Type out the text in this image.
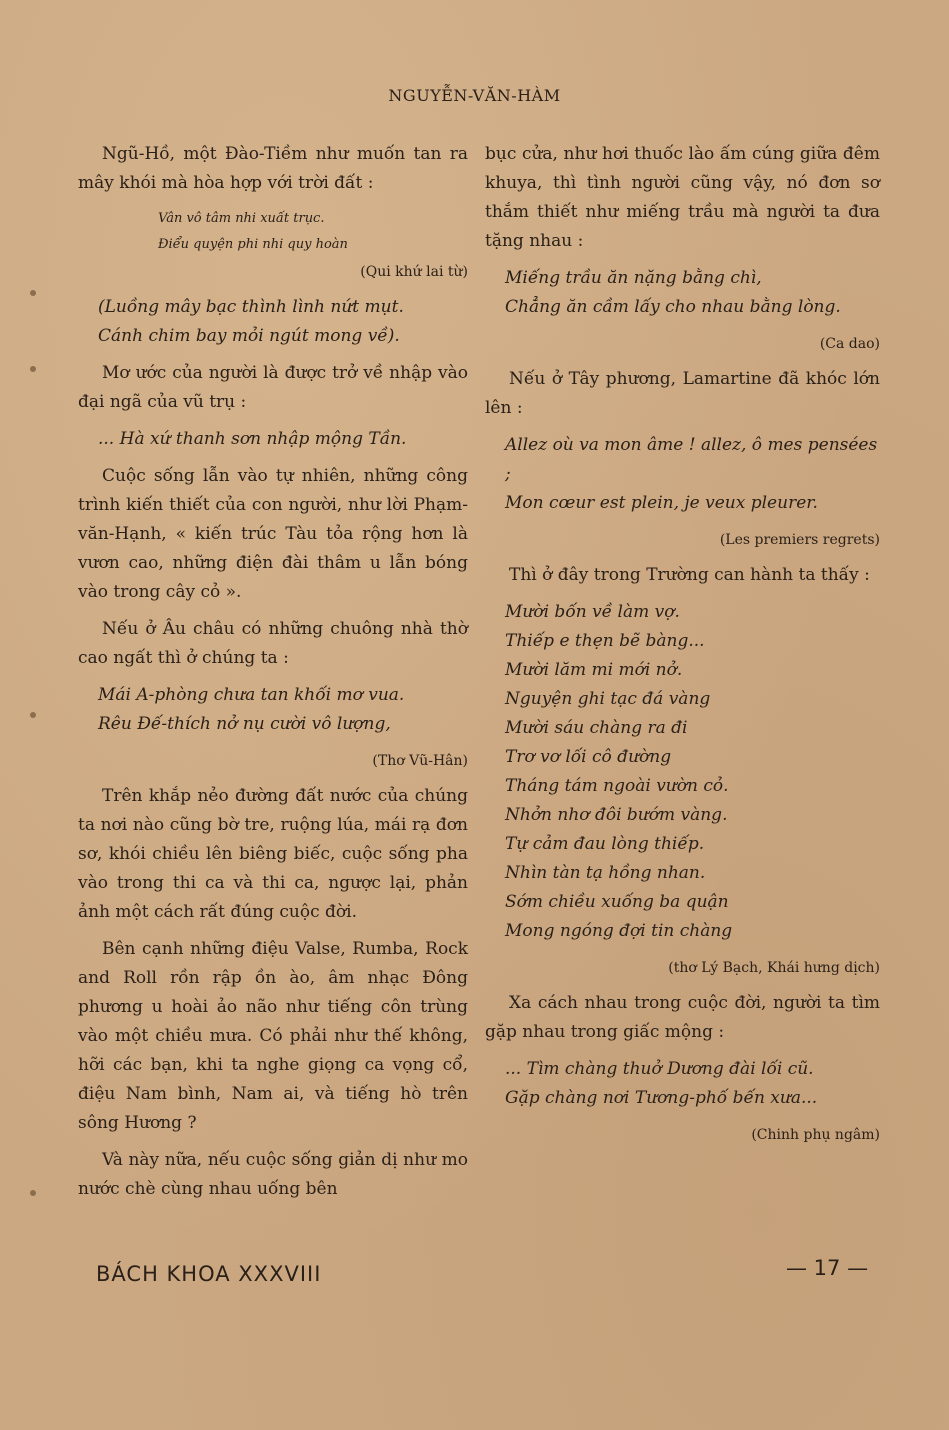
NGUYỄN-VĂN-HÀM

Ngũ-Hồ, một Đào-Tiềm như muốn tan ra mây khói mà hòa hợp với trời đất :

Vân vô tâm nhi xuất trục.
Điểu quyện phi nhi quy hoàn

(Qui khứ lai từ)

(Luồng mây bạc thình lình nứt mụt.
Cánh chim bay mỏi ngút mong về).

Mơ ước của người là được trở về nhập vào đại ngã của vũ trụ :

... Hà xứ thanh sơn nhập mộng Tần.

Cuộc sống lẫn vào tự nhiên, những công trình kiến thiết của con người, như lời Phạm-văn-Hạnh, « kiến trúc Tàu tỏa rộng hơn là vươn cao, những điện đài thâm u lẫn bóng vào trong cây cỏ ».

Nếu ở Âu châu có những chuông nhà thờ cao ngất thì ở chúng ta :

Mái A-phòng chưa tan khối mơ vua.
Rêu Đế-thích nở nụ cười vô lượng,

(Thơ Vũ-Hân)

Trên khắp nẻo đường đất nước của chúng ta nơi nào cũng bờ tre, ruộng lúa, mái rạ đơn sơ, khói chiều lên biêng biếc, cuộc sống pha vào trong thi ca và thi ca, ngược lại, phản ảnh một cách rất đúng cuộc đời.

Bên cạnh những điệu Valse, Rumba, Rock and Roll rồn rập ồn ào, âm nhạc Đông phương u hoài ảo não như tiếng côn trùng vào một chiều mưa. Có phải như thế không, hỡi các bạn, khi ta nghe giọng ca vọng cổ, điệu Nam bình, Nam ai, và tiếng hò trên sông Hương ?

Và này nữa, nếu cuộc sống giản dị như mo nước chè cùng nhau uống bên

bục cửa, như hơi thuốc lào ấm cúng giữa đêm khuya, thì tình người cũng vậy, nó đơn sơ thắm thiết như miếng trầu mà người ta đưa tặng nhau :

Miếng trầu ăn nặng bằng chì,
Chẳng ăn cầm lấy cho nhau bằng lòng.

(Ca dao)

Nếu ở Tây phương, Lamartine đã khóc lớn lên :

Allez où va mon âme ! allez, ô mes pensées ;
Mon cœur est plein, je veux pleurer.

(Les premiers regrets)

Thì ở đây trong Trường can hành ta thấy :

Mười bốn về làm vợ.
Thiếp e thẹn bẽ bàng...
Mười lăm mi mới nở.
Nguyện ghi tạc đá vàng
Mười sáu chàng ra đi
Trơ vơ lối cô đường
Tháng tám ngoài vườn cỏ.
Nhởn nhơ đôi bướm vàng.
Tự cảm đau lòng thiếp.
Nhìn tàn tạ hồng nhan.
Sớm chiều xuống ba quận
Mong ngóng đợi tin chàng

(thơ Lý Bạch, Khái hưng dịch)

Xa cách nhau trong cuộc đời, người ta tìm gặp nhau trong giấc mộng :

... Tìm chàng thuở Dương đài lối cũ.
Gặp chàng nơi Tương-phố bến xưa...

(Chinh phụ ngâm)

BÁCH KHOA XXXVIII	— 17 —
